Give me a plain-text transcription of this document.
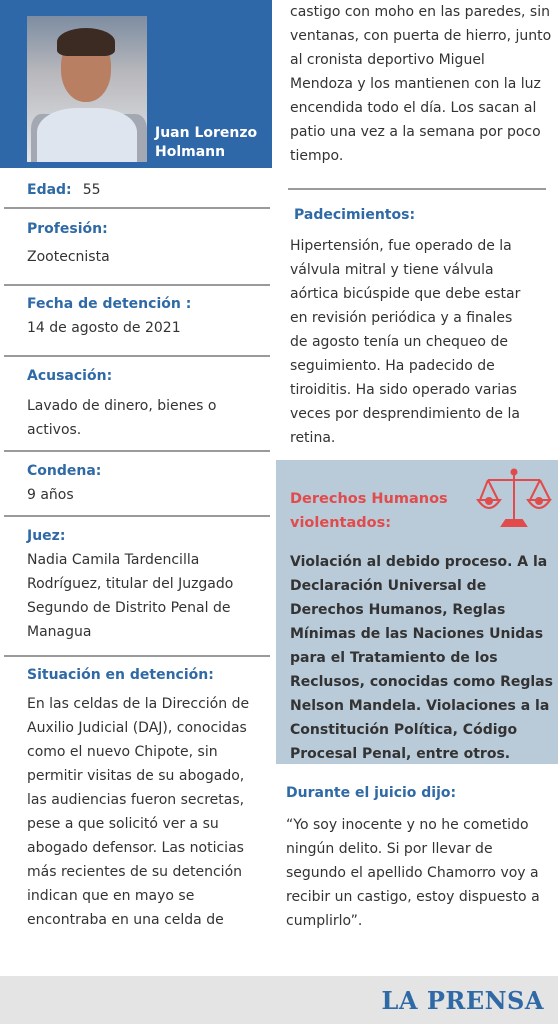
Juan Lorenzo Holmann
Edad: 55
Profesión:
Zootecnista
Fecha de detención :
14 de agosto de 2021
Acusación:
Lavado de dinero, bienes o activos.
Condena:
9 años
Juez:
Nadia Camila Tardencilla Rodríguez, titular del Juzgado Segundo de Distrito Penal de Managua
Situación en detención:
En las celdas de la Dirección de Auxilio Judicial (DAJ), conocidas como el nuevo Chipote, sin permitir visitas de su abogado, las audiencias fueron secretas, pese a que solicitó ver a su abogado defensor. Las noticias más recientes de su detención indican que en mayo se encontraba en una celda de
castigo con moho en las paredes, sin ventanas, con puerta de hierro, junto al cronista deportivo Miguel Mendoza y los mantienen con la luz encendida todo el día. Los sacan al patio una vez a la semana por poco tiempo.
Padecimientos:
Hipertensión, fue operado de la válvula mitral y tiene válvula aórtica bicúspide que debe estar en revisión periódica y a finales de agosto tenía un chequeo de seguimiento. Ha padecido de tiroiditis. Ha sido operado varias veces por desprendimiento de la retina.
Derechos Humanos violentados:
Violación al debido proceso. A la Declaración Universal de Derechos Humanos, Reglas Mínimas de las Naciones Unidas para el Tratamiento de los Reclusos, conocidas como Reglas Nelson Mandela. Violaciones a la Constitución Política, Código Procesal Penal, entre otros.
Durante el juicio dijo:
“Yo soy inocente y no he cometido ningún delito. Si por llevar de segundo el apellido Chamorro voy a recibir un castigo, estoy dispuesto a cumplirlo”.
LA PRENSA
